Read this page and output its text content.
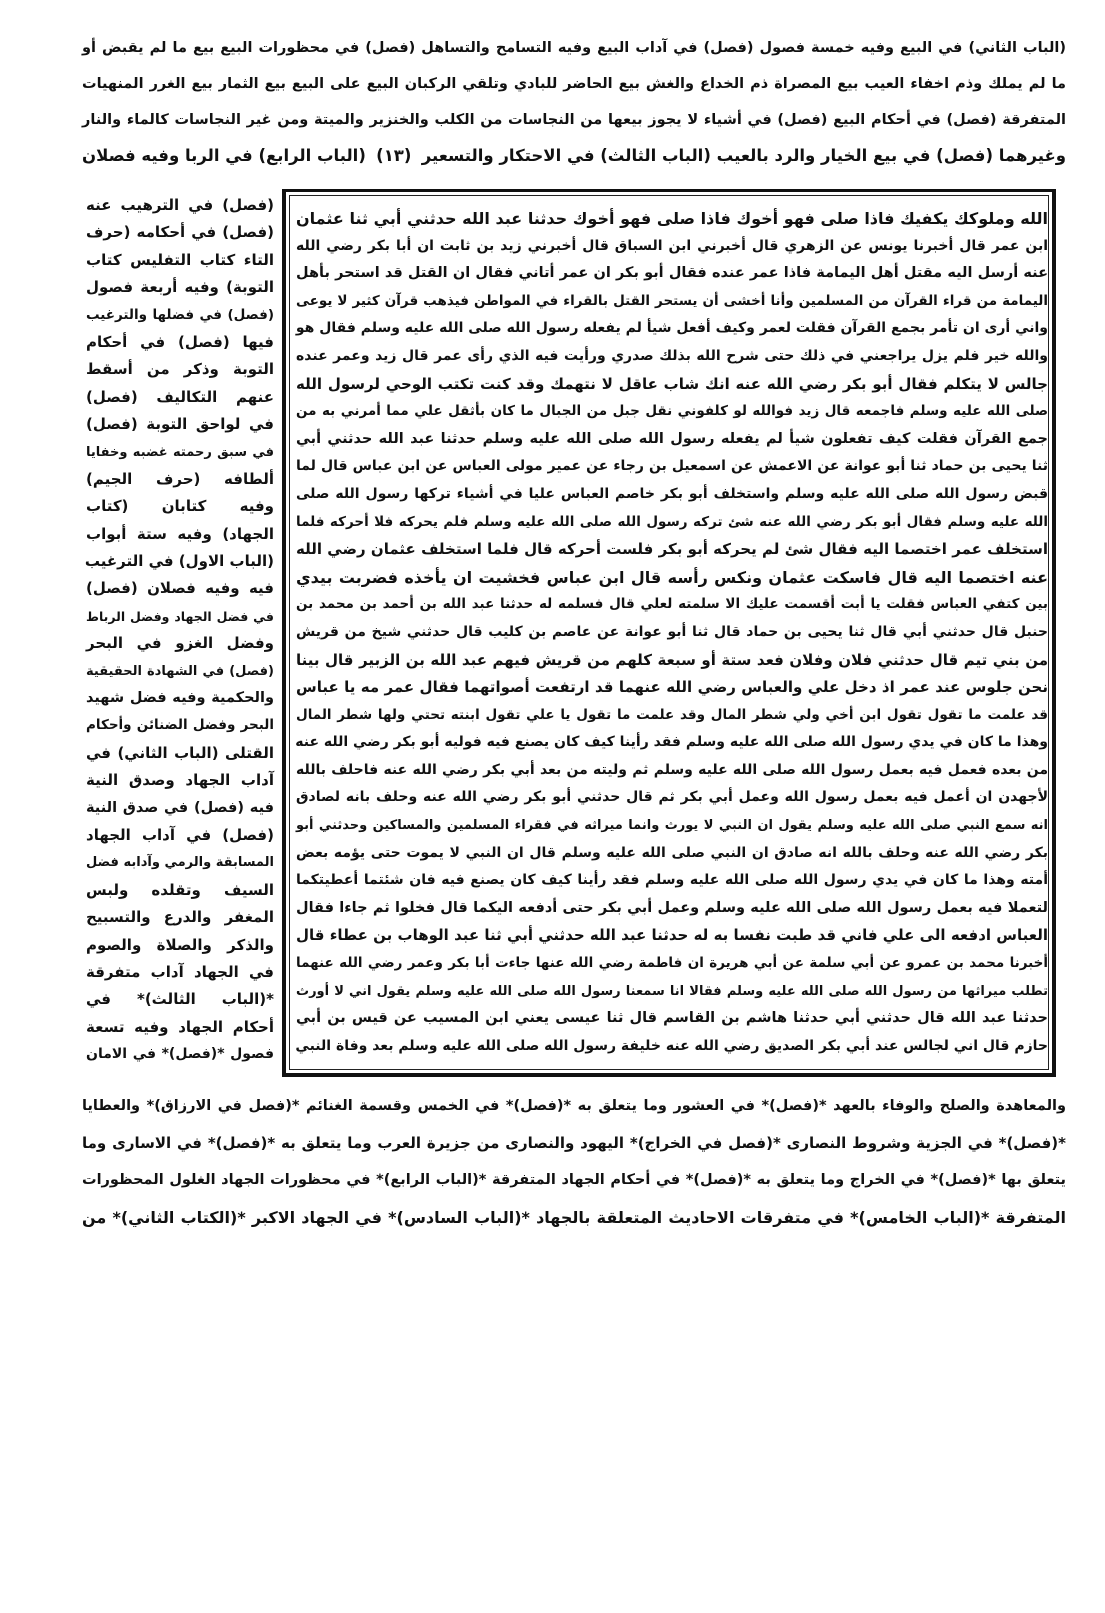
(الباب الثاني) في البيع وفيه خمسة فصول (فصل) في آداب البيع وفيه التسامح والتساهل (فصل) في محظورات البيع بيع ما لم يقبض أو
ما لم يملك وذم اخفاء العيب بيع المصراة ذم الخداع والغش بيع الحاضر للبادي وتلقي الركبان البيع على البيع بيع الثمار بيع الغرر المنهيات
المتفرقة (فصل) في أحكام البيع (فصل) في أشياء لا يجوز بيعها من النجاسات من الكلب والخنزير والميتة ومن غير النجاسات كالماء والنار
وغيرهما (فصل) في بيع الخيار والرد بالعيب (الباب الثالث) في الاحتكار والتسعير
(١٣)
(الباب الرابع) في الربا وفيه فصلان
الله وملوكك يكفيك فاذا صلى فهو أخوك فاذا صلى فهو أخوك حدثنا عبد الله حدثني أبي ثنا عثمان
ابن عمر قال أخبرنا يونس عن الزهري قال أخبرني ابن السباق قال أخبرني زيد بن ثابت ان أبا بكر رضي الله
عنه أرسل اليه مقتل أهل اليمامة فاذا عمر عنده فقال أبو بكر ان عمر أتاني فقال ان القتل قد استحر بأهل
اليمامة من قراء القرآن من المسلمين وأنا أخشى أن يستحر القتل بالقراء في المواطن فيذهب قرآن كثير لا يوعى
واني أرى ان تأمر بجمع القرآن فقلت لعمر وكيف أفعل شيأ لم يفعله رسول الله صلى الله عليه وسلم فقال هو
والله خير فلم يزل يراجعني في ذلك حتى شرح الله بذلك صدري ورأيت فيه الذي رأى عمر قال زيد وعمر عنده
جالس لا يتكلم فقال أبو بكر رضي الله عنه انك شاب عاقل لا نتهمك وقد كنت تكتب الوحي لرسول الله
صلى الله عليه وسلم فاجمعه قال زيد فوالله لو كلفوني نقل جبل من الجبال ما كان بأثقل علي مما أمرني به من
جمع القرآن فقلت كيف تفعلون شيأ لم يفعله رسول الله صلى الله عليه وسلم حدثنا عبد الله حدثني أبي
ثنا يحيى بن حماد ثنا أبو عوانة عن الاعمش عن اسمعيل بن رجاء عن عمير مولى العباس عن ابن عباس قال لما
قبض رسول الله صلى الله عليه وسلم واستخلف أبو بكر خاصم العباس عليا في أشياء تركها رسول الله صلى
الله عليه وسلم فقال أبو بكر رضي الله عنه شئ تركه رسول الله صلى الله عليه وسلم فلم يحركه فلا أحركه فلما
استخلف عمر اختصما اليه فقال شئ لم يحركه أبو بكر فلست أحركه قال فلما استخلف عثمان رضي الله
عنه اختصما اليه قال فاسكت عثمان ونكس رأسه قال ابن عباس فخشيت ان يأخذه فضربت بيدي
بين كتفي العباس فقلت يا أبت أقسمت عليك الا سلمته لعلي قال فسلمه له حدثنا عبد الله بن أحمد بن محمد بن
حنبل قال حدثني أبي قال ثنا يحيى بن حماد قال ثنا أبو عوانة عن عاصم بن كليب قال حدثني شيخ من قريش
من بني تيم قال حدثني فلان وفلان فعد ستة أو سبعة كلهم من قريش فيهم عبد الله بن الزبير قال بينا
نحن جلوس عند عمر اذ دخل علي والعباس رضي الله عنهما قد ارتفعت أصواتهما فقال عمر مه يا عباس
قد علمت ما تقول تقول ابن أخي ولي شطر المال وقد علمت ما تقول يا علي تقول ابنته تحتي ولها شطر المال
وهذا ما كان في يدي رسول الله صلى الله عليه وسلم فقد رأينا كيف كان يصنع فيه فوليه أبو بكر رضي الله عنه
من بعده فعمل فيه بعمل رسول الله صلى الله عليه وسلم ثم وليته من بعد أبي بكر رضي الله عنه فاحلف بالله
لأجهدن ان أعمل فيه بعمل رسول الله وعمل أبي بكر ثم قال حدثني أبو بكر رضي الله عنه وحلف بانه لصادق
انه سمع النبي صلى الله عليه وسلم يقول ان النبي لا يورث وانما ميراثه في فقراء المسلمين والمساكين وحدثني أبو
بكر رضي الله عنه وحلف بالله انه صادق ان النبي صلى الله عليه وسلم قال ان النبي لا يموت حتى يؤمه بعض
أمته وهذا ما كان في يدي رسول الله صلى الله عليه وسلم فقد رأينا كيف كان يصنع فيه فان شئتما أعطيتكما
لتعملا فيه بعمل رسول الله صلى الله عليه وسلم وعمل أبي بكر حتى أدفعه اليكما قال فخلوا ثم جاءا فقال
العباس ادفعه الى علي فاني قد طبت نفسا به له حدثنا عبد الله حدثني أبي ثنا عبد الوهاب بن عطاء قال
أخبرنا محمد بن عمرو عن أبي سلمة عن أبي هريرة ان فاطمة رضي الله عنها جاءت أبا بكر وعمر رضي الله عنهما
تطلب ميراثها من رسول الله صلى الله عليه وسلم فقالا انا سمعنا رسول الله صلى الله عليه وسلم يقول اني لا أورث
حدثنا عبد الله قال حدثني أبي حدثنا هاشم بن القاسم قال ثنا عيسى يعني ابن المسيب عن قيس بن أبي
حازم قال اني لجالس عند أبي بكر الصديق رضي الله عنه خليفة رسول الله صلى الله عليه وسلم بعد وفاة النبي
(فصل) في الترهيب عنه
(فصل) في أحكامه (حرف
التاء كتاب التفليس كتاب
التوبة) وفيه أربعة فصول
(فصل) في فضلها والترغيب
فيها (فصل) في أحكام
التوبة وذكر من أسقط
عنهم التكاليف (فصل)
في لواحق التوبة (فصل)
في سبق رحمته غضبه وخفايا
ألطافه (حرف الجيم)
وفيه كتابان (كتاب
الجهاد) وفيه ستة أبواب
(الباب الاول) في الترغيب
فيه وفيه فصلان (فصل)
في فضل الجهاد وفضل الرباط
وفضل الغزو في البحر
(فصل) في الشهادة الحقيقية
والحكمية وفيه فضل شهيد
البحر وفضل الضنائن وأحكام
القتلى (الباب الثاني) في
آداب الجهاد وصدق النية
فيه (فصل) في صدق النية
(فصل) في آداب الجهاد
المسابقة والرمي وآدابه فضل
السيف وتقلده ولبس
المغفر والدرع والتسبيح
والذكر والصلاة والصوم
في الجهاد آداب متفرقة
*(الباب الثالث)* في
أحكام الجهاد وفيه تسعة
فصول *(فصل)* في الامان
والمعاهدة والصلح والوفاء بالعهد *(فصل)* في العشور وما يتعلق به *(فصل)* في الخمس وقسمة الغنائم *(فصل في الارزاق)* والعطايا
*(فصل)* في الجزية وشروط النصارى *(فصل في الخراج)* اليهود والنصارى من جزيرة العرب وما يتعلق به *(فصل)* في الاسارى وما
يتعلق بها *(فصل)* في الخراج وما يتعلق به *(فصل)* في أحكام الجهاد المتفرقة *(الباب الرابع)* في محظورات الجهاد الغلول المحظورات
المتفرقة *(الباب الخامس)* في متفرقات الاحاديث المتعلقة بالجهاد *(الباب السادس)* في الجهاد الاكبر *(الكتاب الثاني)* من
